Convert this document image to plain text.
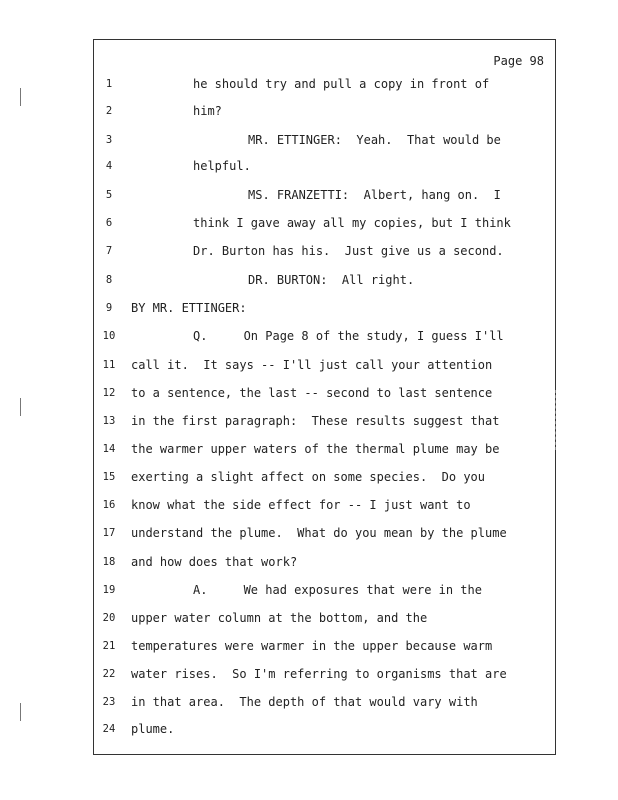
Page 98
1	he should try and pull a copy in front of
2	him?
3	MR. ETTINGER:  Yeah.  That would be
4	helpful.
5	MS. FRANZETTI:  Albert, hang on.  I
6	think I gave away all my copies, but I think
7	Dr. Burton has his.  Just give us a second.
8	DR. BURTON:  All right.
9	BY MR. ETTINGER:
10	Q.     On Page 8 of the study, I guess I'll
11	call it.  It says -- I'll just call your attention
12	to a sentence, the last -- second to last sentence
13	in the first paragraph:  These results suggest that
14	the warmer upper waters of the thermal plume may be
15	exerting a slight affect on some species.  Do you
16	know what the side effect for -- I just want to
17	understand the plume.  What do you mean by the plume
18	and how does that work?
19	A.     We had exposures that were in the
20	upper water column at the bottom, and the
21	temperatures were warmer in the upper because warm
22	water rises.  So I'm referring to organisms that are
23	in that area.  The depth of that would vary with
24	plume.
